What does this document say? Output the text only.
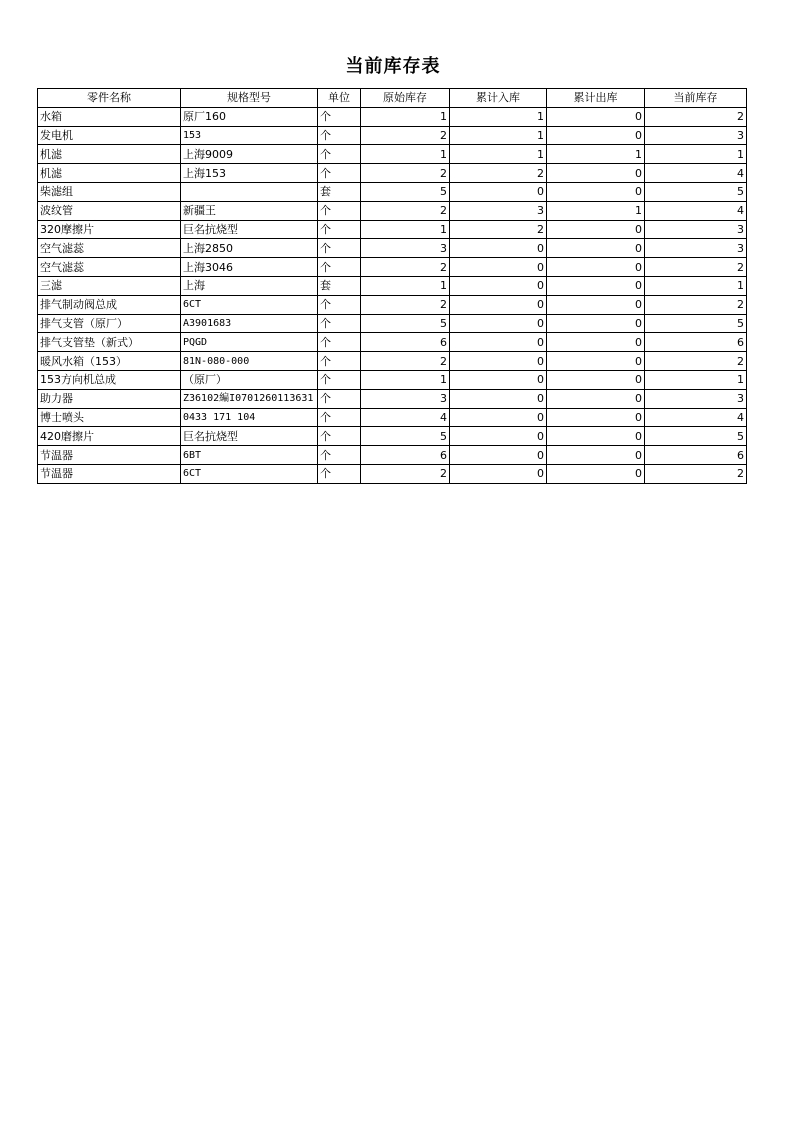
当前库存表
零件名称	规格型号	单位	原始库存	累计入库	累计出库	当前库存
水箱	原厂160	个	1	1	0	2
发电机	153	个	2	1	0	3
机滤	上海9009	个	1	1	1	1
机滤	上海153	个	2	2	0	4
柴滤组		套	5	0	0	5
波纹管	新疆王	个	2	3	1	4
320摩擦片	巨名抗烧型	个	1	2	0	3
空气滤蕊	上海2850	个	3	0	0	3
空气滤蕊	上海3046	个	2	0	0	2
三滤	上海	套	1	0	0	1
排气制动阀总成	6CT	个	2	0	0	2
排气支管（原厂）	A3901683	个	5	0	0	5
排气支管垫（新式）	PQGD	个	6	0	0	6
暖风水箱（153）	81N-080-000	个	2	0	0	2
153方向机总成	（原厂）	个	1	0	0	1
助力器	Z36102編I0701260113631	个	3	0	0	3
博士喷头	0433 171 104	个	4	0	0	4
420磨擦片	巨名抗烧型	个	5	0	0	5
节温器	6BT	个	6	0	0	6
节温器	6CT	个	2	0	0	2
